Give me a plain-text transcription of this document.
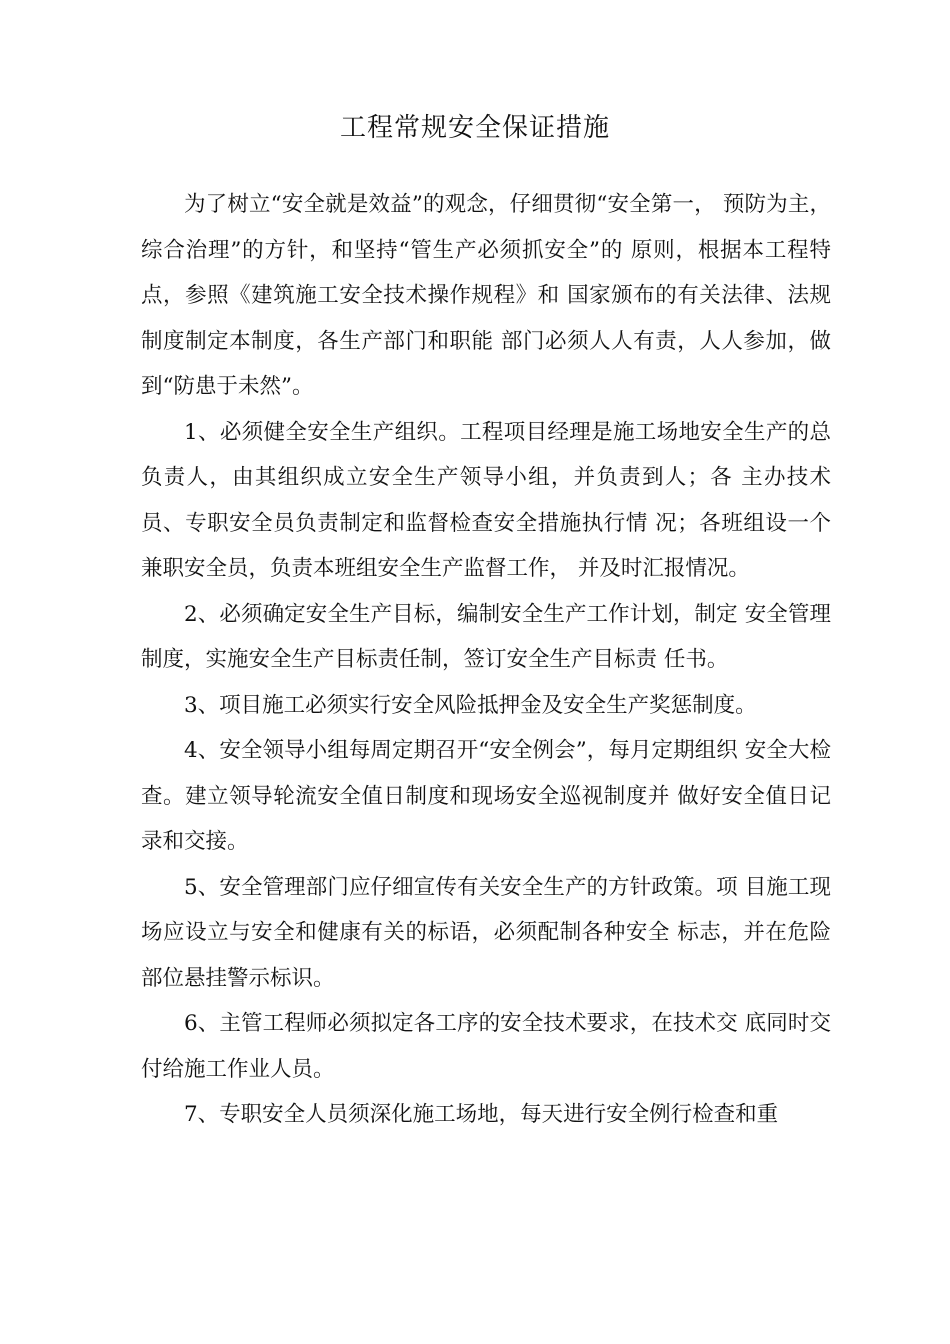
工程常规安全保证措施

为了树立“安全就是效益”的观念，仔细贯彻“安全第一， 预防为主，综合治理”的方针，和坚持“管生产必须抓安全”的 原则，根据本工程特点，参照《建筑施工安全技术操作规程》和 国家颁布的有关法律、法规制度制定本制度，各生产部门和职能 部门必须人人有责，人人参加，做到“防患于未然”。

1、必须健全安全生产组织。工程项目经理是施工场地安全生产的总负责人，由其组织成立安全生产领导小组，并负责到人；各 主办技术员、专职安全员负责制定和监督检查安全措施执行情 况；各班组设一个兼职安全员，负责本班组安全生产监督工作， 并及时汇报情况。

2、必须确定安全生产目标，编制安全生产工作计划，制定 安全管理制度，实施安全生产目标责任制，签订安全生产目标责 任书。

3、项目施工必须实行安全风险抵押金及安全生产奖惩制度。

4、安全领导小组每周定期召开“安全例会”，每月定期组织 安全大检查。建立领导轮流安全值日制度和现场安全巡视制度并 做好安全值日记录和交接。

5、安全管理部门应仔细宣传有关安全生产的方针政策。项 目施工现场应设立与安全和健康有关的标语，必须配制各种安全 标志，并在危险部位悬挂警示标识。

6、主管工程师必须拟定各工序的安全技术要求，在技术交 底同时交付给施工作业人员。

7、专职安全人员须深化施工场地，每天进行安全例行检查和重
